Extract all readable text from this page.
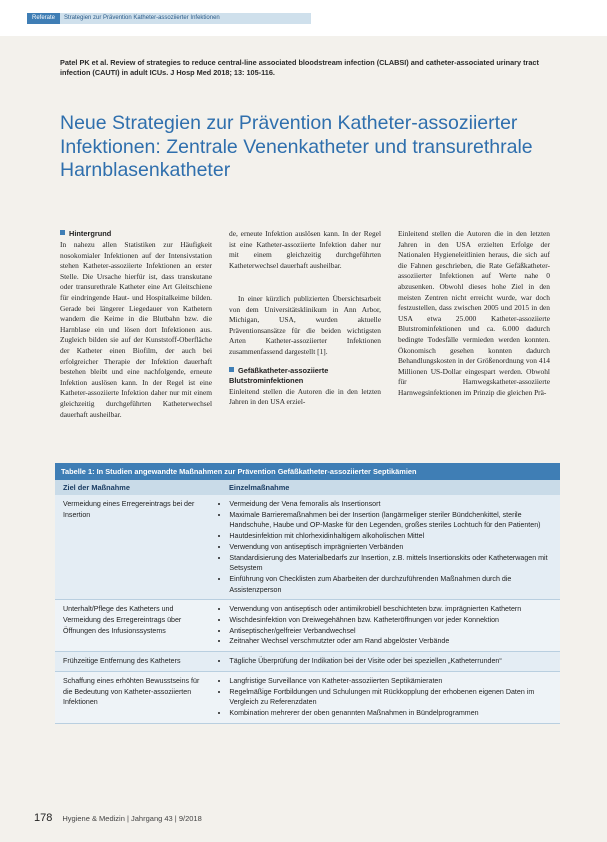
Referate Strategien zur Prävention Katheter-assoziierter Infektionen
Patel PK et al. Review of strategies to reduce central-line associated bloodstream infection (CLABSI) and catheter-associated urinary tract infection (CAUTI) in adult ICUs. J Hosp Med 2018; 13: 105-116.
Neue Strategien zur Prävention Katheter-assoziierter Infektionen: Zentrale Venenkatheter und transurethrale Harnblasenkatheter
Hintergrund

In nahezu allen Statistiken zur Häufigkeit nosokomialer Infektionen auf der Intensivstation stehen Katheter-assoziierte Infektionen an erster Stelle. Die Ursache hierfür ist, dass transkutane oder transurethrale Katheter eine Art Gleitschiene für eindringende Haut- und Hospitalkeime bilden. Gerade bei längerer Liegedauer von Kathetern wandern die Keime in die Blutbahn bzw. die Harnblase ein und lösen dort Infektionen aus. Zugleich bilden sie auf der Kunststoff-Oberfläche der Katheter einen Biofilm, der auch bei erfolgreicher Therapie der Infektion dauerhaft bestehen bleibt und eine nachfolgende, erneute Infektion auslösen kann. In der Regel ist eine Katheter-assoziierte Infektion daher nur mit einem gleichzeitig durchgeführten Katheterwechsel dauerhaft ausheilbar.

de, erneute Infektion auslösen kann. In der Regel ist eine Katheter-assoziierte Infektion daher nur mit einem gleichzeitig durchgeführten Katheterwechsel dauerhaft ausheilbar.

In einer kürzlich publizierten Übersichtsarbeit von dem Universitätsklinikum in Ann Arbor, Michigan, USA, wurden aktuelle Präventionsansätze für die beiden wichtigsten Arten Katheter-assoziierter Infektionen zusammenfassend dargestellt [1].

Gefäßkatheter-assoziierte Blutstrominfektionen

Einleitend stellen die Autoren die in den letzten Jahren in den USA erziel-

Einleitend stellen die Autoren die in den letzten Jahren in den USA erzielten Erfolge der Nationalen Hygieneleitlinien heraus, die sich auf die Fahnen geschrieben, die Rate Gefäßkatheter-assoziierter Infektionen auf Werte nahe 0 abzusenken. Obwohl dieses hohe Ziel in den meisten Zentren nicht erreicht wurde, war doch festzustellen, dass zwischen 2005 und 2015 in den USA etwa 25.000 Katheter-assoziierte Blutstrominfektionen und ca. 6.000 dadurch bedingte Todesfälle vermieden werden konnten. Ökonomisch gesehen konnten dadurch Behandlungskosten in der Größenordnung von 414 Millionen US-Dollar eingespart werden. Obwohl für Harnwegskatheter-assoziierte Harnwegsinfektionen im Prinzip die gleichen Prä-

Tabelle 1: In Studien angewandte Maßnahmen zur Prävention Gefäßkatheter-assoziierter Septikämien
Ziel der Maßnahme	Einzelmaßnahme
Vermeidung eines Erregereintrags bei der Insertion
• Vermeidung der Vena femoralis als Insertionsort
• Maximale Barrieremaßnahmen bei der Insertion (langärmeliger steriler Bündchenkittel, sterile Handschuhe, Haube und OP-Maske für den Legenden, großes steriles Lochtuch für den Patienten)
• Hautdesinfektion mit chlorhexidinhaltigem alkoholischen Mittel
• Verwendung von antiseptisch imprägnierten Verbänden
• Standardisierung des Materialbedarfs zur Insertion, z.B. mittels Insertionskits oder Katheterwagen mit Setsystem
• Einführung von Checklisten zum Abarbeiten der durchzuführenden Maßnahmen durch die Assistenzperson
Unterhalt/Pflege des Katheters und Vermeidung des Erregereintrags über Öffnungen des Infusionssystems
• Verwendung von antiseptisch oder antimikrobiell beschichteten bzw. imprägnierten Kathetern
• Wischdesinfektion von Dreiwegehähnen bzw. Katheteröffnungen vor jeder Konnektion
• Antiseptischer/gelfreier Verbandwechsel
• Zeitnaher Wechsel verschmutzter oder am Rand abgelöster Verbände
Frühzeitige Entfernung des Katheters
•	Tägliche Überprüfung der Indikation bei der Visite oder bei speziellen „Katheterrunden“
Schaffung eines erhöhten Bewusstseins für die Bedeutung von Katheter-assoziierten Infektionen
• Langfristige Surveillance von Katheter-assoziierten Septikämieraten
• Regelmäßige Fortbildungen und Schulungen mit Rückkopplung der erhobenen eigenen Daten im Vergleich zu Referenzdaten
• Kombination mehrerer der oben genannten Maßnahmen in Bündelprogrammen
178 Hygiene & Medizin | Jahrgang 43 | 9/2018
